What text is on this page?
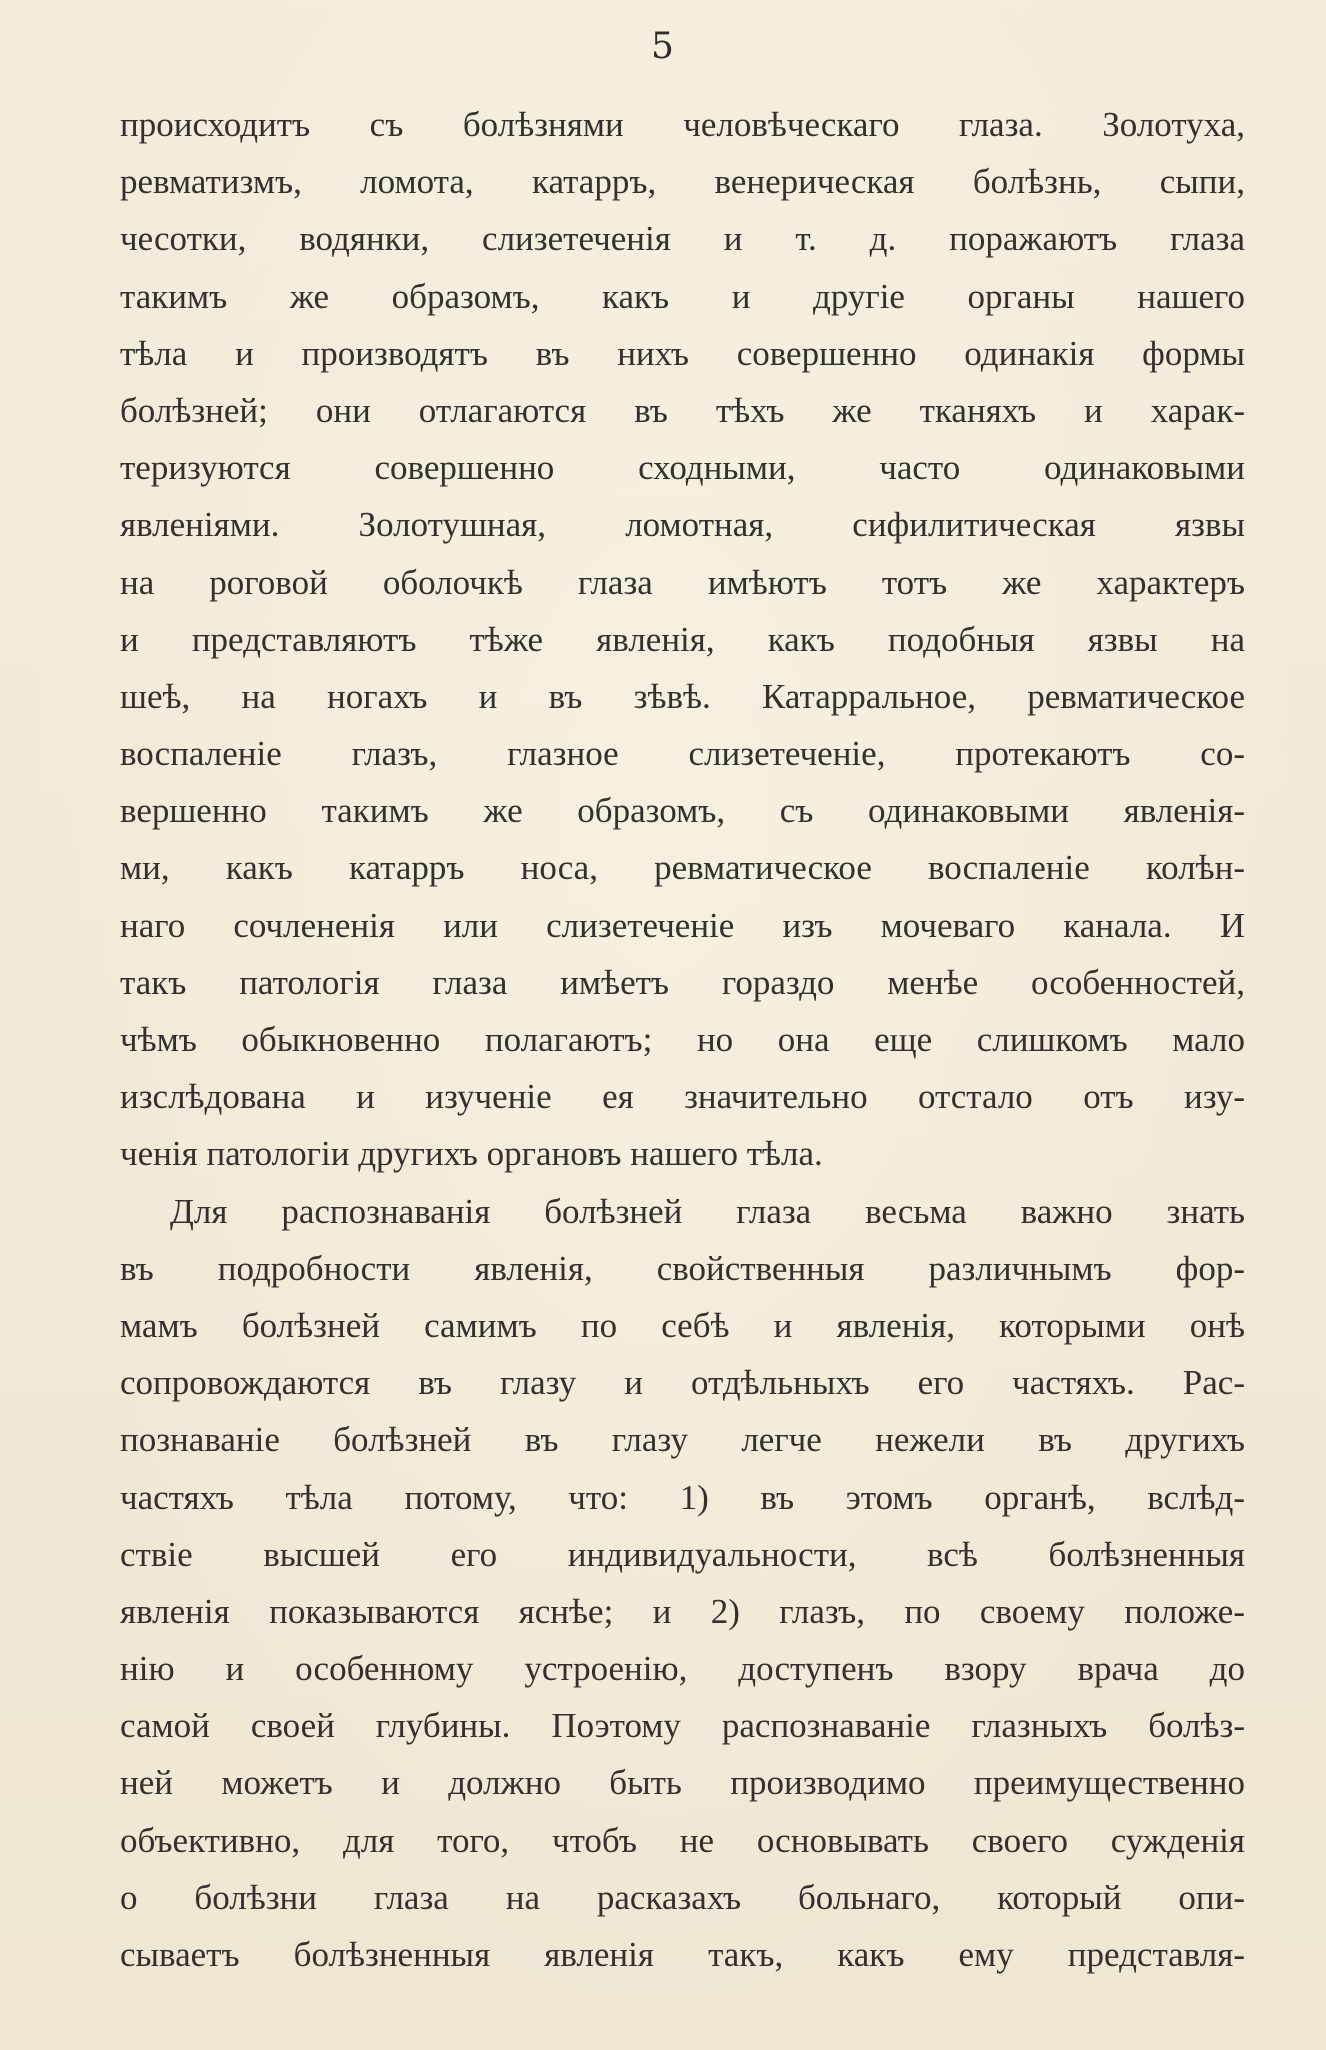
5
происходитъ съ болѣзнями человѣческаго глаза. Золотуха,
ревматизмъ, ломота, катарръ, венерическая болѣзнь, сыпи,
чесотки, водянки, слизетеченія и т. д. поражаютъ глаза
такимъ же образомъ, какъ и другіе органы нашего
тѣла и производятъ въ нихъ совершенно одинакія формы
болѣзней; они отлагаются въ тѣхъ же тканяхъ и харак-
теризуются совершенно сходными, часто одинаковыми
явленіями. Золотушная, ломотная, сифилитическая язвы
на роговой оболочкѣ глаза имѣютъ тотъ же характеръ
и представляютъ тѣже явленія, какъ подобныя язвы на
шеѣ, на ногахъ и въ зѣвѣ. Катарральное, ревматическое
воспаленіе глазъ, глазное слизетеченіе, протекаютъ со-
вершенно такимъ же образомъ, съ одинаковыми явленія-
ми, какъ катарръ носа, ревматическое воспаленіе колѣн-
наго сочлененія или слизетеченіе изъ мочеваго канала. И
такъ патологія глаза имѣетъ гораздо менѣе особенностей,
чѣмъ обыкновенно полагаютъ; но она еще слишкомъ мало
изслѣдована и изученіе ея значительно отстало отъ изу-
ченія патологіи другихъ органовъ нашего тѣла.
Для распознаванія болѣзней глаза весьма важно знать
въ подробности явленія, свойственныя различнымъ фор-
мамъ болѣзней самимъ по себѣ и явленія, которыми онѣ
сопровождаются въ глазу и отдѣльныхъ его частяхъ. Рас-
познаваніе болѣзней въ глазу легче нежели въ другихъ
частяхъ тѣла потому, что: 1) въ этомъ органѣ, вслѣд-
ствіе высшей его индивидуальности, всѣ болѣзненныя
явленія показываются яснѣе; и 2) глазъ, по своему положе-
нію и особенному устроенію, доступенъ взору врача до
самой своей глубины. Поэтому распознаваніе глазныхъ болѣз-
ней можетъ и должно быть производимо преимущественно
объективно, для того, чтобъ не основывать своего сужденія
о болѣзни глаза на расказахъ больнаго, который опи-
сываетъ болѣзненныя явленія такъ, какъ ему представля-
